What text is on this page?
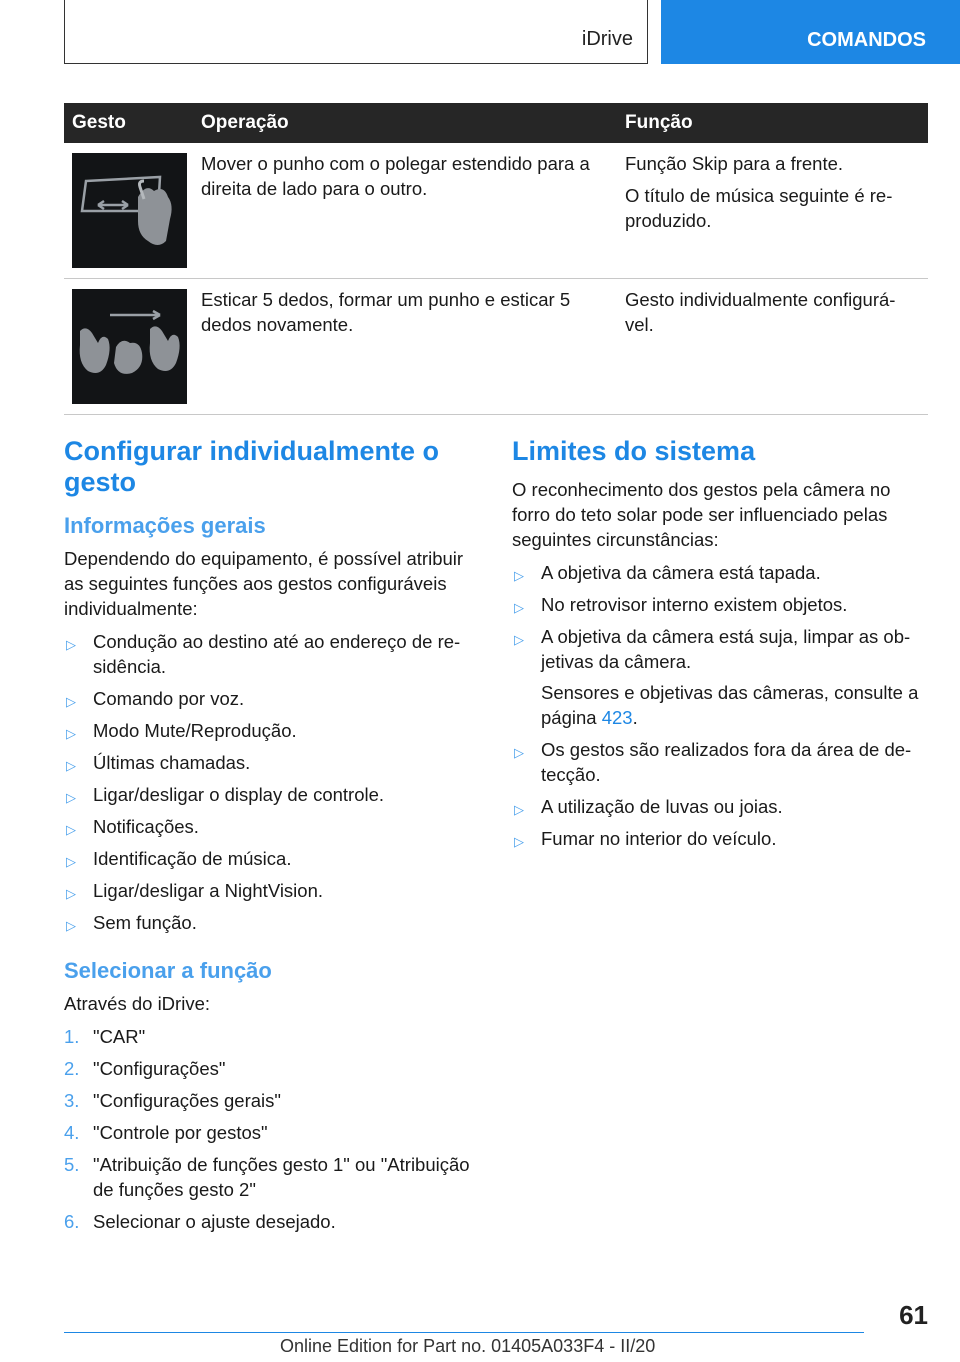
iDrive	COMANDOS
Gesto	Operação	Função

	Mover o punho com o polegar estendido para a direita de lado para o outro.	Função Skip para a frente.

O título de música seguinte é re-produzido.

	Esticar 5 dedos, formar um punho e esticar 5 dedos novamente.	Gesto individualmente configurá-vel.

Configurar individualmente o gesto
Informações gerais

Dependendo do equipamento, é possível atribuir as seguintes funções aos gestos configuráveis individualmente:

▷ Condução ao destino até ao endereço de re-sidência.
▷ Comando por voz.
▷ Modo Mute/Reprodução.
▷ Últimas chamadas.
▷ Ligar/desligar o display de controle.
▷ Notificações.
▷ Identificação de música.
▷ Ligar/desligar a NightVision.
▷ Sem função.
Selecionar a função

Através do iDrive:

1. "CAR"
2. "Configurações"
3. "Configurações gerais"
4. "Controle por gestos"
5. "Atribuição de funções gesto 1" ou "Atribuição de funções gesto 2"
6. Selecionar o ajuste desejado.
Limites do sistema

O reconhecimento dos gestos pela câmera no forro do teto solar pode ser influenciado pelas seguintes circunstâncias:

▷ A objetiva da câmera está tapada.
▷ No retrovisor interno existem objetos.
▷ A objetiva da câmera está suja, limpar as ob-jetivas da câmera.
Sensores e objetivas das câmeras, consulte a página 423.
▷ Os gestos são realizados fora da área de de-tecção.
▷ A utilização de luvas ou joias.
▷ Fumar no interior do veículo.
61
Online Edition for Part no. 01405A033F4 - II/20
